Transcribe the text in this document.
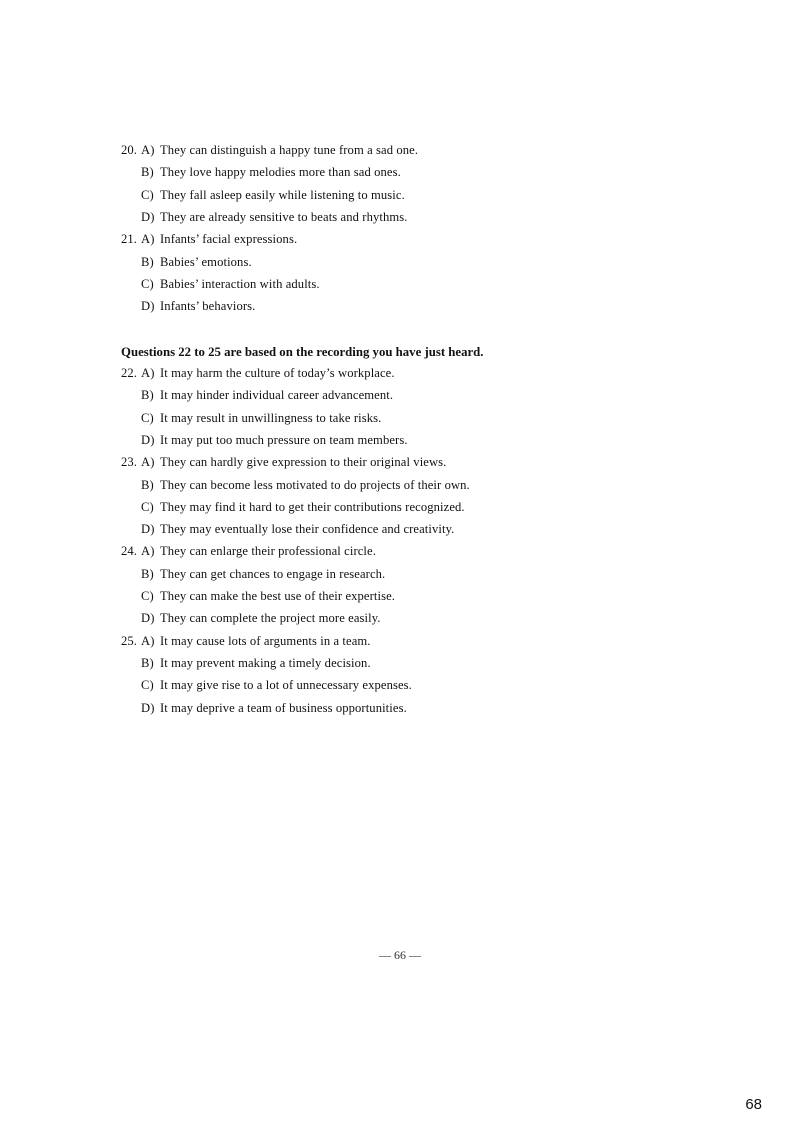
20. A) They can distinguish a happy tune from a sad one.
B) They love happy melodies more than sad ones.
C) They fall asleep easily while listening to music.
D) They are already sensitive to beats and rhythms.
21. A) Infants’ facial expressions.
B) Babies’ emotions.
C) Babies’ interaction with adults.
D) Infants’ behaviors.
Questions 22 to 25 are based on the recording you have just heard.
22. A) It may harm the culture of today’s workplace.
B) It may hinder individual career advancement.
C) It may result in unwillingness to take risks.
D) It may put too much pressure on team members.
23. A) They can hardly give expression to their original views.
B) They can become less motivated to do projects of their own.
C) They may find it hard to get their contributions recognized.
D) They may eventually lose their confidence and creativity.
24. A) They can enlarge their professional circle.
B) They can get chances to engage in research.
C) They can make the best use of their expertise.
D) They can complete the project more easily.
25. A) It may cause lots of arguments in a team.
B) It may prevent making a timely decision.
C) It may give rise to a lot of unnecessary expenses.
D) It may deprive a team of business opportunities.
— 66 —
68
